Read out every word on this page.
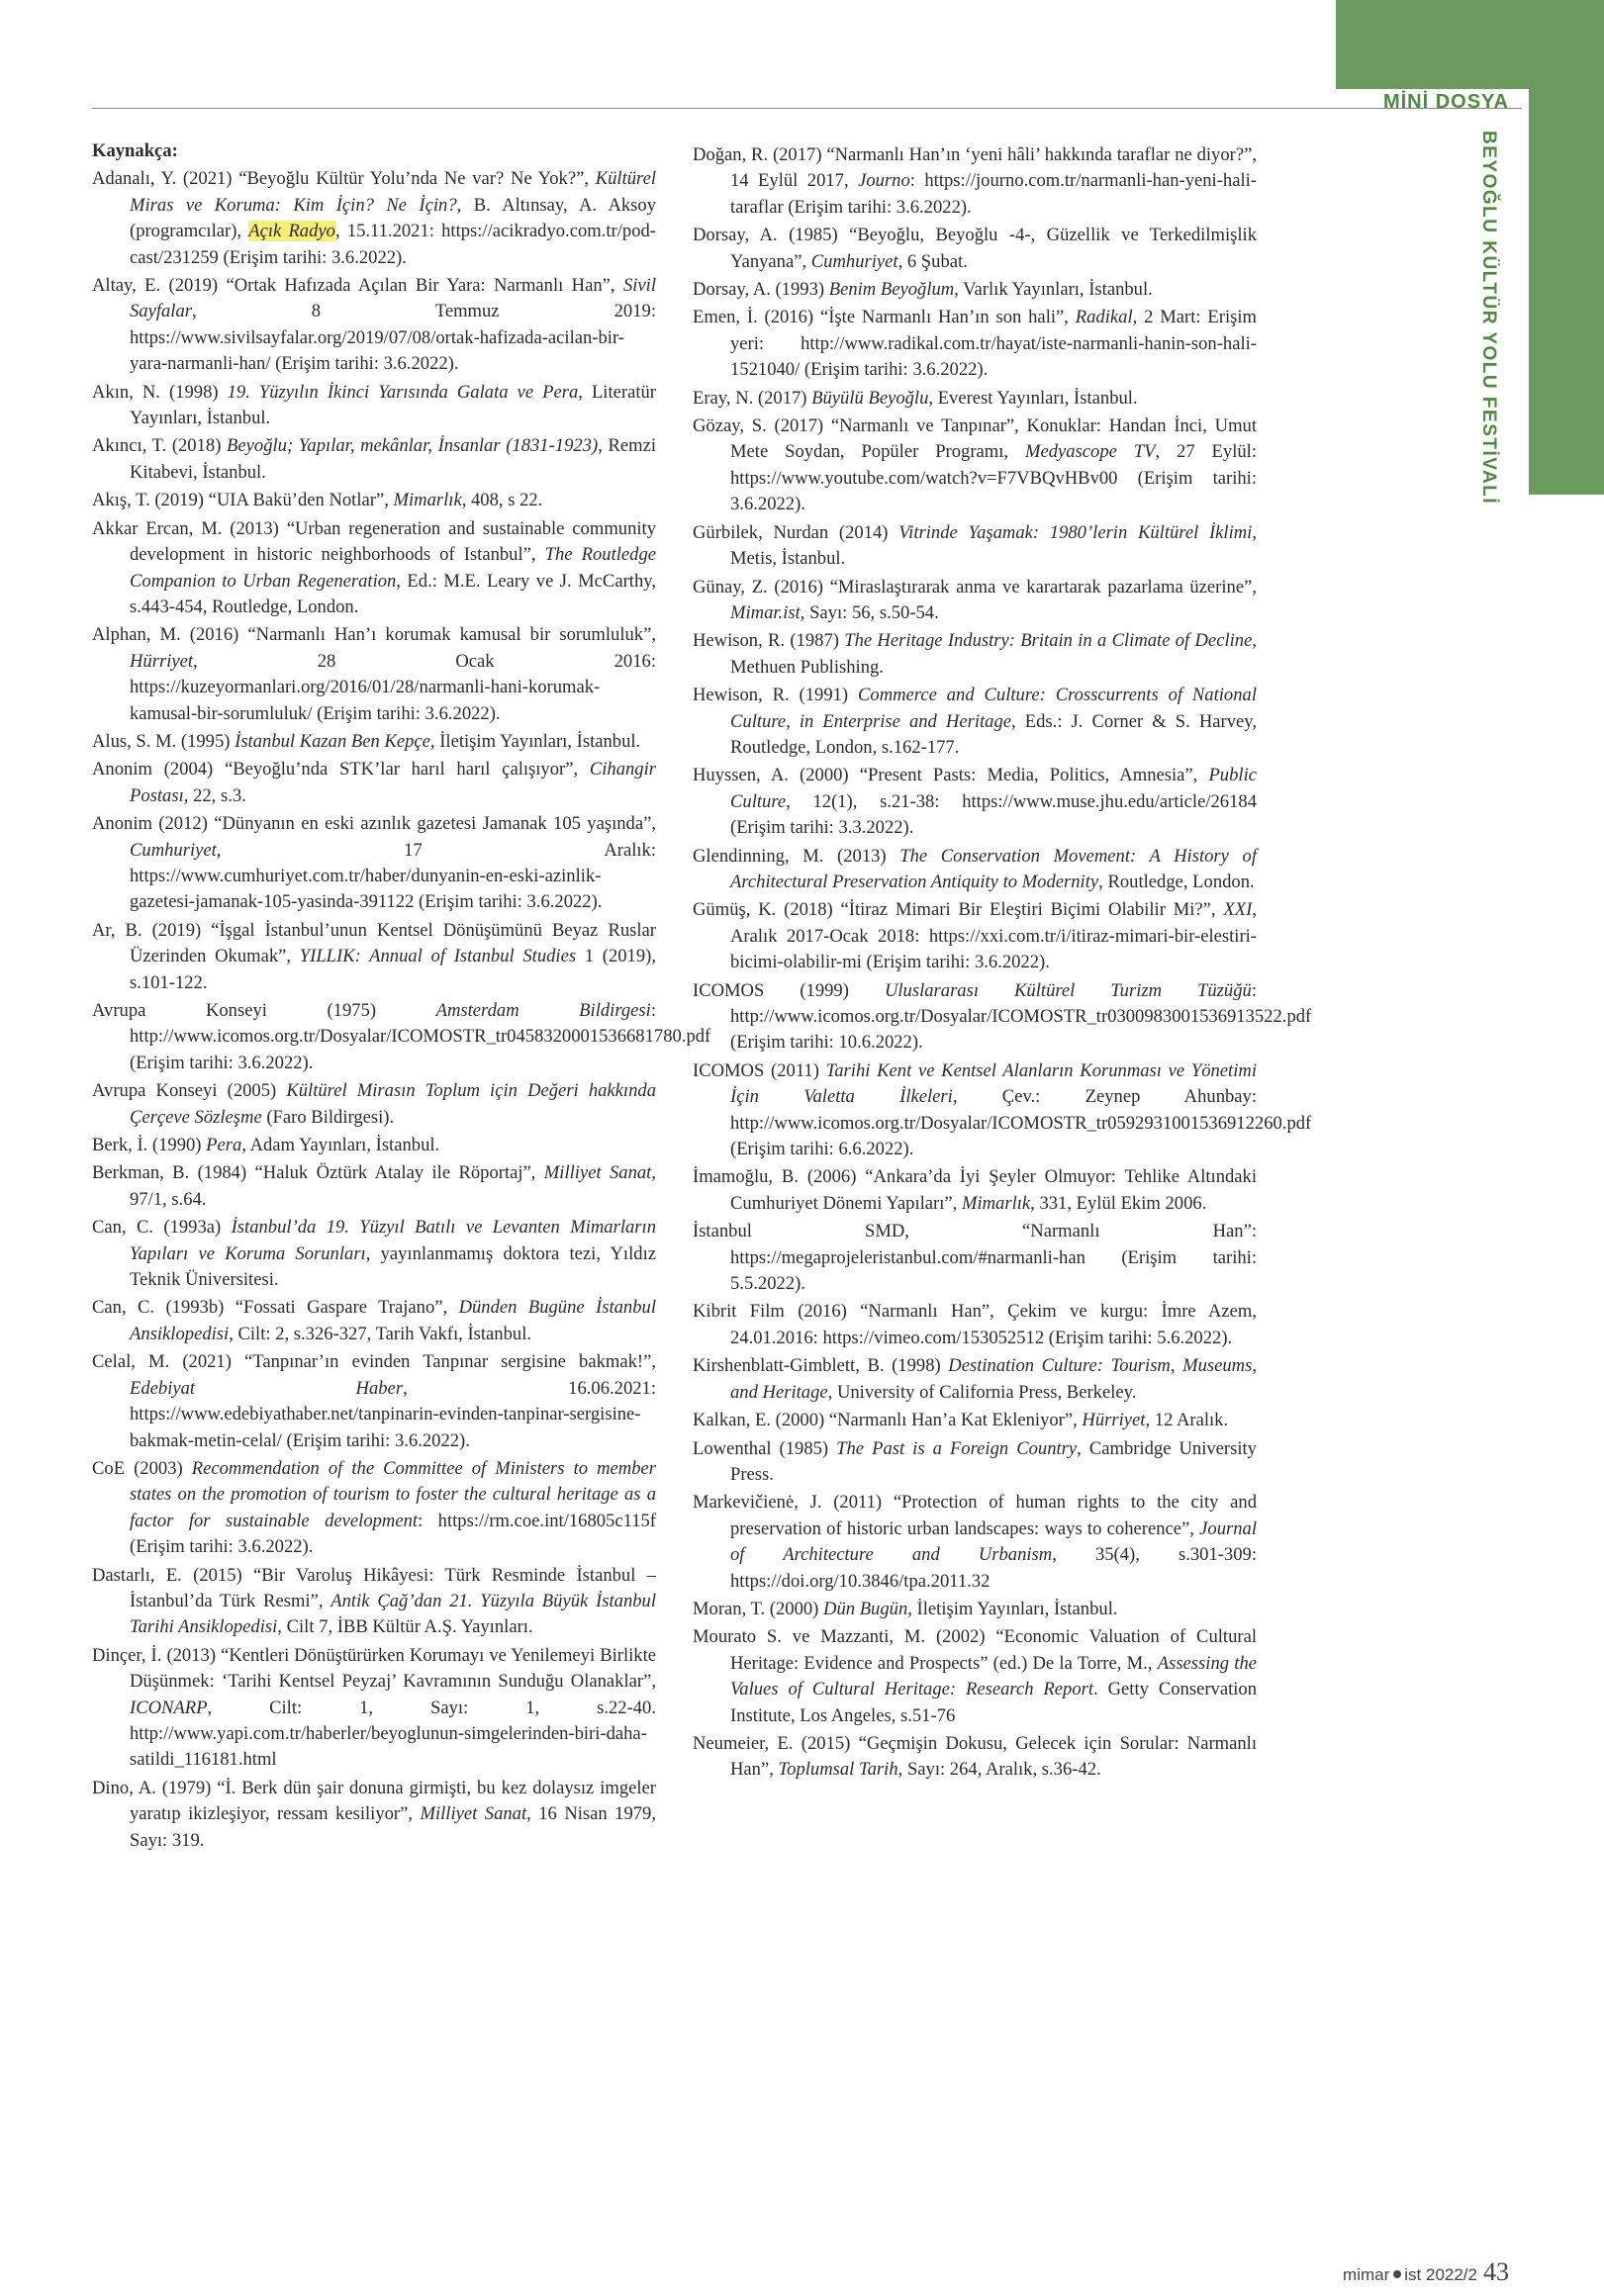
MİNİ DOSYA
BEYOĞLU KÜLTÜR YOLU FESTİVALİ

Kaynakça:

Adanalı, Y. (2021) “Beyoğlu Kültür Yolu’nda Ne var? Ne Yok?”, Kültürel Miras ve Koruma: Kim İçin? Ne İçin?, B. Altınsay, A. Aksoy (programcılar), Açık Radyo, 15.11.2021: https://acikradyo.com.tr/pod-cast/231259 (Erişim tarihi: 3.6.2022).

Altay, E. (2019) “Ortak Hafızada Açılan Bir Yara: Narmanlı Han”, Sivil Sayfalar, 8 Temmuz 2019: https://www.sivilsayfalar.org/2019/07/08/ortak-hafizada-acilan-bir-yara-narmanli-han/ (Erişim tarihi: 3.6.2022).

Akın, N. (1998) 19. Yüzyılın İkinci Yarısında Galata ve Pera, Literatür Yayınları, İstanbul.

Akıncı, T. (2018) Beyoğlu; Yapılar, mekânlar, İnsanlar (1831-1923), Remzi Kitabevi, İstanbul.

Akış, T. (2019) “UIA Bakü’den Notlar”, Mimarlık, 408, s 22.

Akkar Ercan, M. (2013) “Urban regeneration and sustainable community development in historic neighborhoods of Istanbul”, The Routledge Companion to Urban Regeneration, Ed.: M.E. Leary ve J. McCarthy, s.443-454, Routledge, London.

Alphan, M. (2016) “Narmanlı Han’ı korumak kamusal bir sorumluluk”, Hürriyet, 28 Ocak 2016: https://kuzeyormanlari.org/2016/01/28/narmanli-hani-korumak-kamusal-bir-sorumluluk/ (Erişim tarihi: 3.6.2022).

Alus, S. M. (1995) İstanbul Kazan Ben Kepçe, İletişim Yayınları, İstanbul.

Anonim (2004) “Beyoğlu’nda STK’lar harıl harıl çalışıyor”, Cihangir Postası, 22, s.3.

Anonim (2012) “Dünyanın en eski azınlık gazetesi Jamanak 105 yaşında”, Cumhuriyet, 17 Aralık: https://www.cumhuriyet.com.tr/haber/dunyanin-en-eski-azinlik-gazetesi-jamanak-105-yasinda-391122 (Erişim tarihi: 3.6.2022).

Ar, B. (2019) “İşgal İstanbul’unun Kentsel Dönüşümünü Beyaz Ruslar Üzerinden Okumak”, YILLIK: Annual of Istanbul Studies 1 (2019), s.101-122.

Avrupa Konseyi (1975) Amsterdam Bildirgesi: http://www.icomos.org.tr/Dosyalar/ICOMOSTR_tr0458320001536681780.pdf (Erişim tarihi: 3.6.2022).

Avrupa Konseyi (2005) Kültürel Mirasın Toplum için Değeri hakkında Çerçeve Sözleşme (Faro Bildirgesi).

Berk, İ. (1990) Pera, Adam Yayınları, İstanbul.

Berkman, B. (1984) “Haluk Öztürk Atalay ile Röportaj”, Milliyet Sanat, 97/1, s.64.

Can, C. (1993a) İstanbul’da 19. Yüzyıl Batılı ve Levanten Mimarların Yapıları ve Koruma Sorunları, yayınlanmamış doktora tezi, Yıldız Teknik Üniversitesi.

Can, C. (1993b) “Fossati Gaspare Trajano”, Dünden Bugüne İstanbul Ansiklopedisi, Cilt: 2, s.326-327, Tarih Vakfı, İstanbul.

Celal, M. (2021) “Tanpınar’ın evinden Tanpınar sergisine bakmak!”, Edebiyat Haber, 16.06.2021: https://www.edebiyathaber.net/tanpinarin-evinden-tanpinar-sergisine-bakmak-metin-celal/ (Erişim tarihi: 3.6.2022).

CoE (2003) Recommendation of the Committee of Ministers to member states on the promotion of tourism to foster the cultural heritage as a factor for sustainable development: https://rm.coe.int/16805c115f (Erişim tarihi: 3.6.2022).

Dastarlı, E. (2015) “Bir Varoluş Hikâyesi: Türk Resminde İstanbul – İstanbul’da Türk Resmi”, Antik Çağ’dan 21. Yüzyıla Büyük İstanbul Tarihi Ansiklopedisi, Cilt 7, İBB Kültür A.Ş. Yayınları.

Dinçer, İ. (2013) “Kentleri Dönüştürürken Korumayı ve Yenilemeyi Birlikte Düşünmek: ‘Tarihi Kentsel Peyzaj’ Kavramının Sunduğu Olanaklar”, ICONARP, Cilt: 1, Sayı: 1, s.22-40. http://www.yapi.com.tr/haberler/beyoglunun-simgelerinden-biri-daha-satildi_116181.html

Dino, A. (1979) “İ. Berk dün şair donuna girmişti, bu kez dolaysız imgeler yaratıp ikizleşiyor, ressam kesiliyor”, Milliyet Sanat, 16 Nisan 1979, Sayı: 319.

Doğan, R. (2017) “Narmanlı Han’ın ‘yeni hâli’ hakkında taraflar ne diyor?”, 14 Eylül 2017, Journo: https://journo.com.tr/narmanli-han-yeni-hali-taraflar (Erişim tarihi: 3.6.2022).

Dorsay, A. (1985) “Beyoğlu, Beyoğlu -4-, Güzellik ve Terkedilmişlik Yanyana”, Cumhuriyet, 6 Şubat.

Dorsay, A. (1993) Benim Beyoğlum, Varlık Yayınları, İstanbul.

Emen, İ. (2016) “İşte Narmanlı Han’ın son hali”, Radikal, 2 Mart: Erişim yeri: http://www.radikal.com.tr/hayat/iste-narmanli-hanin-son-hali-1521040/ (Erişim tarihi: 3.6.2022).

Eray, N. (2017) Büyülü Beyoğlu, Everest Yayınları, İstanbul.

Gözay, S. (2017) “Narmanlı ve Tanpınar”, Konuklar: Handan İnci, Umut Mete Soydan, Popüler Programı, Medyascope TV, 27 Eylül: https://www.youtube.com/watch?v=F7VBQvHBv00 (Erişim tarihi: 3.6.2022).

Gürbilek, Nurdan (2014) Vitrinde Yaşamak: 1980’lerin Kültürel İklimi, Metis, İstanbul.

Günay, Z. (2016) “Miraslaştırarak anma ve karartarak pazarlama üzerine”, Mimar.ist, Sayı: 56, s.50-54.

Hewison, R. (1987) The Heritage Industry: Britain in a Climate of Decline, Methuen Publishing.

Hewison, R. (1991) Commerce and Culture: Crosscurrents of National Culture, in Enterprise and Heritage, Eds.: J. Corner & S. Harvey, Routledge, London, s.162-177.

Huyssen, A. (2000) “Present Pasts: Media, Politics, Amnesia”, Public Culture, 12(1), s.21-38: https://www.muse.jhu.edu/article/26184 (Erişim tarihi: 3.3.2022).

Glendinning, M. (2013) The Conservation Movement: A History of Architectural Preservation Antiquity to Modernity, Routledge, London.

Gümüş, K. (2018) “İtiraz Mimari Bir Eleştiri Biçimi Olabilir Mi?”, XXI, Aralık 2017-Ocak 2018: https://xxi.com.tr/i/itiraz-mimari-bir-elestiri-bicimi-olabilir-mi (Erişim tarihi: 3.6.2022).

ICOMOS (1999) Uluslararası Kültürel Turizm Tüzüğü: http://www.icomos.org.tr/Dosyalar/ICOMOSTR_tr0300983001536913522.pdf (Erişim tarihi: 10.6.2022).

ICOMOS (2011) Tarihi Kent ve Kentsel Alanların Korunması ve Yönetimi İçin Valetta İlkeleri, Çev.: Zeynep Ahunbay: http://www.icomos.org.tr/Dosyalar/ICOMOSTR_tr0592931001536912260.pdf (Erişim tarihi: 6.6.2022).

İmamoğlu, B. (2006) “Ankara’da İyi Şeyler Olmuyor: Tehlike Altındaki Cumhuriyet Dönemi Yapıları”, Mimarlık, 331, Eylül Ekim 2006.

İstanbul SMD, “Narmanlı Han”: https://megaprojeleristanbul.com/#narmanli-han (Erişim tarihi: 5.5.2022).

Kibrit Film (2016) “Narmanlı Han”, Çekim ve kurgu: İmre Azem, 24.01.2016: https://vimeo.com/153052512 (Erişim tarihi: 5.6.2022).

Kirshenblatt-Gimblett, B. (1998) Destination Culture: Tourism, Museums, and Heritage, University of California Press, Berkeley.

Kalkan, E. (2000) “Narmanlı Han’a Kat Ekleniyor”, Hürriyet, 12 Aralık.

Lowenthal (1985) The Past is a Foreign Country, Cambridge University Press.

Markevičienė, J. (2011) “Protection of human rights to the city and preservation of historic urban landscapes: ways to coherence”, Journal of Architecture and Urbanism, 35(4), s.301-309: https://doi.org/10.3846/tpa.2011.32

Moran, T. (2000) Dün Bugün, İletişim Yayınları, İstanbul.

Mourato S. ve Mazzanti, M. (2002) “Economic Valuation of Cultural Heritage: Evidence and Prospects” (ed.) De la Torre, M., Assessing the Values of Cultural Heritage: Research Report. Getty Conservation Institute, Los Angeles, s.51-76

Neumeier, E. (2015) “Geçmişin Dokusu, Gelecek için Sorular: Narmanlı Han”, Toplumsal Tarih, Sayı: 264, Aralık, s.36-42.

mimar ist 2022/2 43
